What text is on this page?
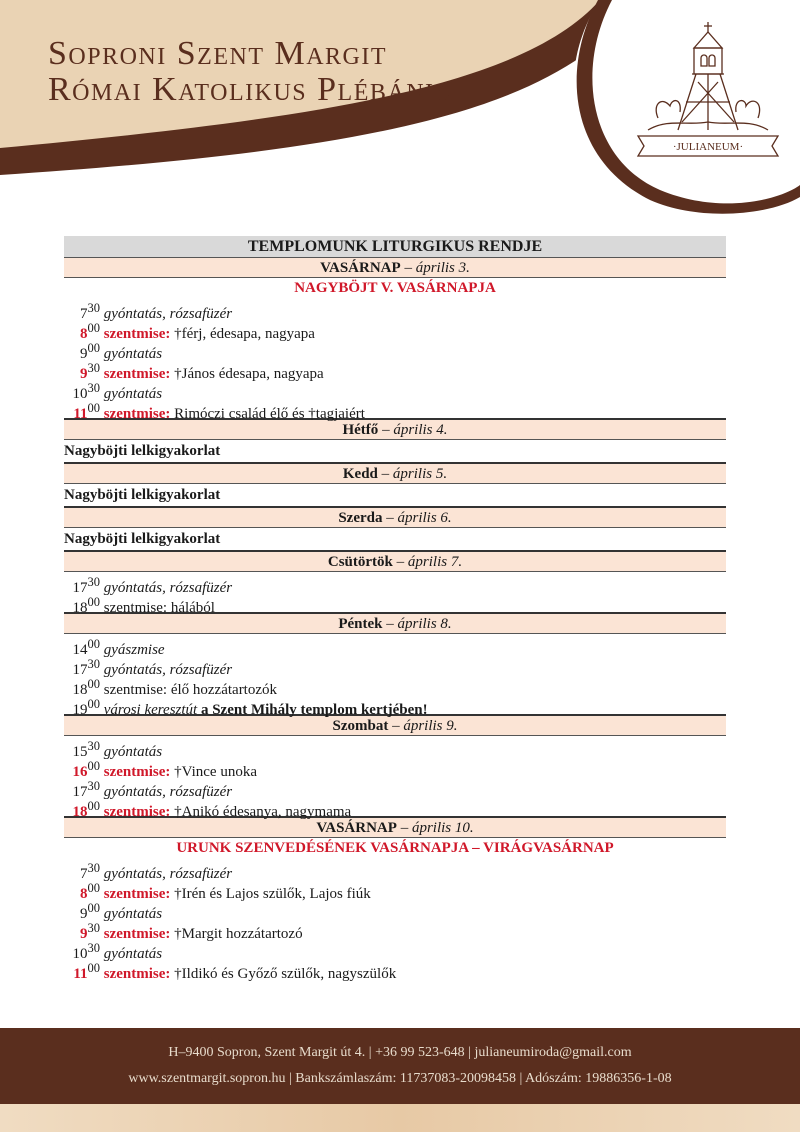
Soproni Szent Margit
Római Katolikus Plébánia
·JULIANEUM·
TEMPLOMUNK LITURGIKUS RENDJE
VASÁRNAP – április 3.
NAGYBÖJT V. VASÁRNAPJA
$7^{30}$ gyóntatás, rózsafüzér
$8^{00}$ szentmise: †férj, édesapa, nagyapa
$9^{00}$ gyóntatás
$9^{30}$ szentmise: †János édesapa, nagyapa
$10^{30}$ gyóntatás
$11^{00}$ szentmise: Rimóczi család élő és †tagjaiért
Hétfő – április 4.
Nagyböjti lelkigyakorlat
Kedd – április 5.
Nagyböjti lelkigyakorlat
Szerda – április 6.
Nagyböjti lelkigyakorlat
Csütörtök – április 7.
$17^{30}$ gyóntatás, rózsafüzér
$18^{00}$ szentmise: hálából
Péntek – április 8.
$14^{00}$ gyászmise
$17^{30}$ gyóntatás, rózsafüzér
$18^{00}$ szentmise: élő hozzátartozók
$19^{00}$ városi keresztút a Szent Mihály templom kertjében!
Szombat – április 9.
$15^{30}$ gyóntatás
$16^{00}$ szentmise: †Vince unoka
$17^{30}$ gyóntatás, rózsafüzér
$18^{00}$ szentmise: †Anikó édesanya, nagymama
VASÁRNAP – április 10.
URUNK SZENVEDÉSÉNEK VASÁRNAPJA – VIRÁGVASÁRNAP
$7^{30}$ gyóntatás, rózsafüzér
$8^{00}$ szentmise: †Irén és Lajos szülők, Lajos fiúk
$9^{00}$ gyóntatás
$9^{30}$ szentmise: †Margit hozzátartozó
$10^{30}$ gyóntatás
$11^{00}$ szentmise: †Ildikó és Győző szülők, nagyszülők
H–9400 Sopron, Szent Margit út 4. | +36 99 523-648 | julianeumiroda@gmail.com
www.szentmargit.sopron.hu | Bankszámlaszám: 11737083-20098458 | Adószám: 19886356-1-08
